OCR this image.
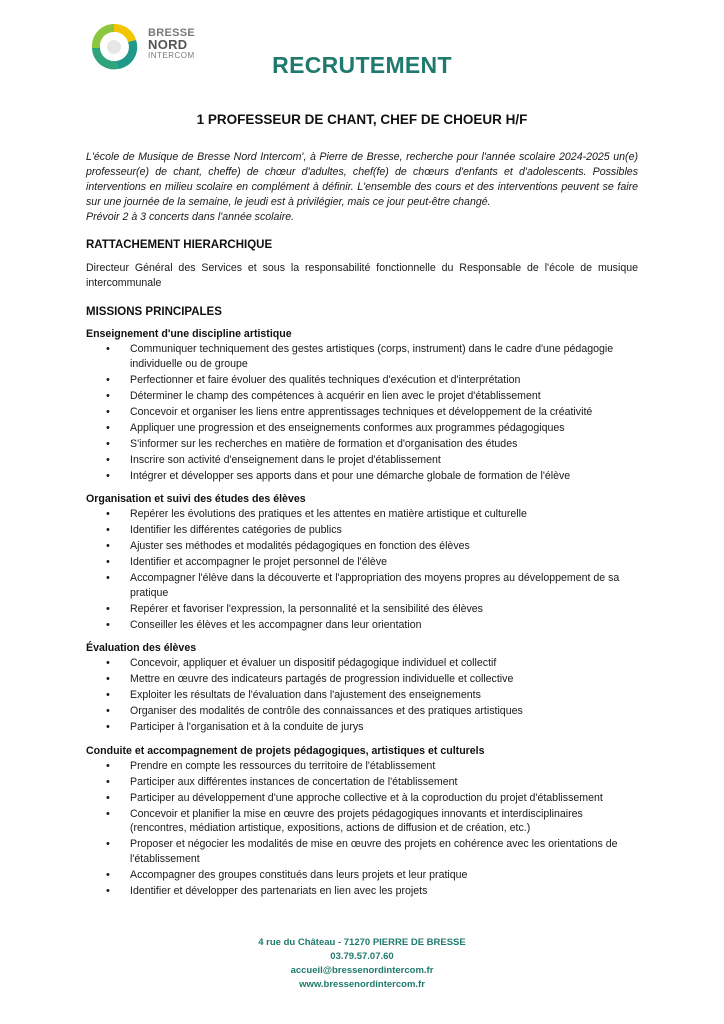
BRESSE
NORD
INTERCOM	RECRUTEMENT
1 PROFESSEUR DE CHANT, CHEF DE CHOEUR H/F

L'école de Musique de Bresse Nord Intercom', à Pierre de Bresse, recherche pour l'année scolaire 2024-2025 un(e) professeur(e) de chant, cheffe) de chœur d'adultes, chef(fe) de chœurs d'enfants et d'adolescents. Possibles interventions en milieu scolaire en complément à définir. L'ensemble des cours et des interventions peuvent se faire sur une journée de la semaine, le jeudi est à privilégier, mais ce jour peut-être changé.

Prévoir 2 à 3 concerts dans l'année scolaire.

RATTACHEMENT HIERARCHIQUE
Directeur Général des Services et sous la responsabilité fonctionnelle du Responsable de l'école de musique intercommunale
MISSIONS PRINCIPALES
Enseignement d'une discipline artistique
• Communiquer techniquement des gestes artistiques (corps, instrument) dans le cadre d'une pédagogie individuelle ou de groupe
• Perfectionner et faire évoluer des qualités techniques d'exécution et d'interprétation
• Déterminer le champ des compétences à acquérir en lien avec le projet d'établissement
• Concevoir et organiser les liens entre apprentissages techniques et développement de la créativité
• Appliquer une progression et des enseignements conformes aux programmes pédagogiques
• S'informer sur les recherches en matière de formation et d'organisation des études
• Inscrire son activité d'enseignement dans le projet d'établissement
• Intégrer et développer ses apports dans et pour une démarche globale de formation de l'élève
Organisation et suivi des études des élèves
• Repérer les évolutions des pratiques et les attentes en matière artistique et culturelle
• Identifier les différentes catégories de publics
• Ajuster ses méthodes et modalités pédagogiques en fonction des élèves
• Identifier et accompagner le projet personnel de l'élève
• Accompagner l'élève dans la découverte et l'appropriation des moyens propres au développement de sa pratique
• Repérer et favoriser l'expression, la personnalité et la sensibilité des élèves
• Conseiller les élèves et les accompagner dans leur orientation
Évaluation des élèves
• Concevoir, appliquer et évaluer un dispositif pédagogique individuel et collectif
• Mettre en œuvre des indicateurs partagés de progression individuelle et collective
• Exploiter les résultats de l'évaluation dans l'ajustement des enseignements
• Organiser des modalités de contrôle des connaissances et des pratiques artistiques
• Participer à l'organisation et à la conduite de jurys
Conduite et accompagnement de projets pédagogiques, artistiques et culturels
• Prendre en compte les ressources du territoire de l'établissement
• Participer aux différentes instances de concertation de l'établissement
• Participer au développement d'une approche collective et à la coproduction du projet d'établissement
• Concevoir et planifier la mise en œuvre des projets pédagogiques innovants et interdisciplinaires (rencontres, médiation artistique, expositions, actions de diffusion et de création, etc.)
• Proposer et négocier les modalités de mise en œuvre des projets en cohérence avec les orientations de l'établissement
• Accompagner des groupes constitués dans leurs projets et leur pratique
• Identifier et développer des partenariats en lien avec les projets
4 rue du Château - 71270 PIERRE DE BRESSE
03.79.57.07.60
accueil@bressenordintercom.fr
www.bressenordintercom.fr
